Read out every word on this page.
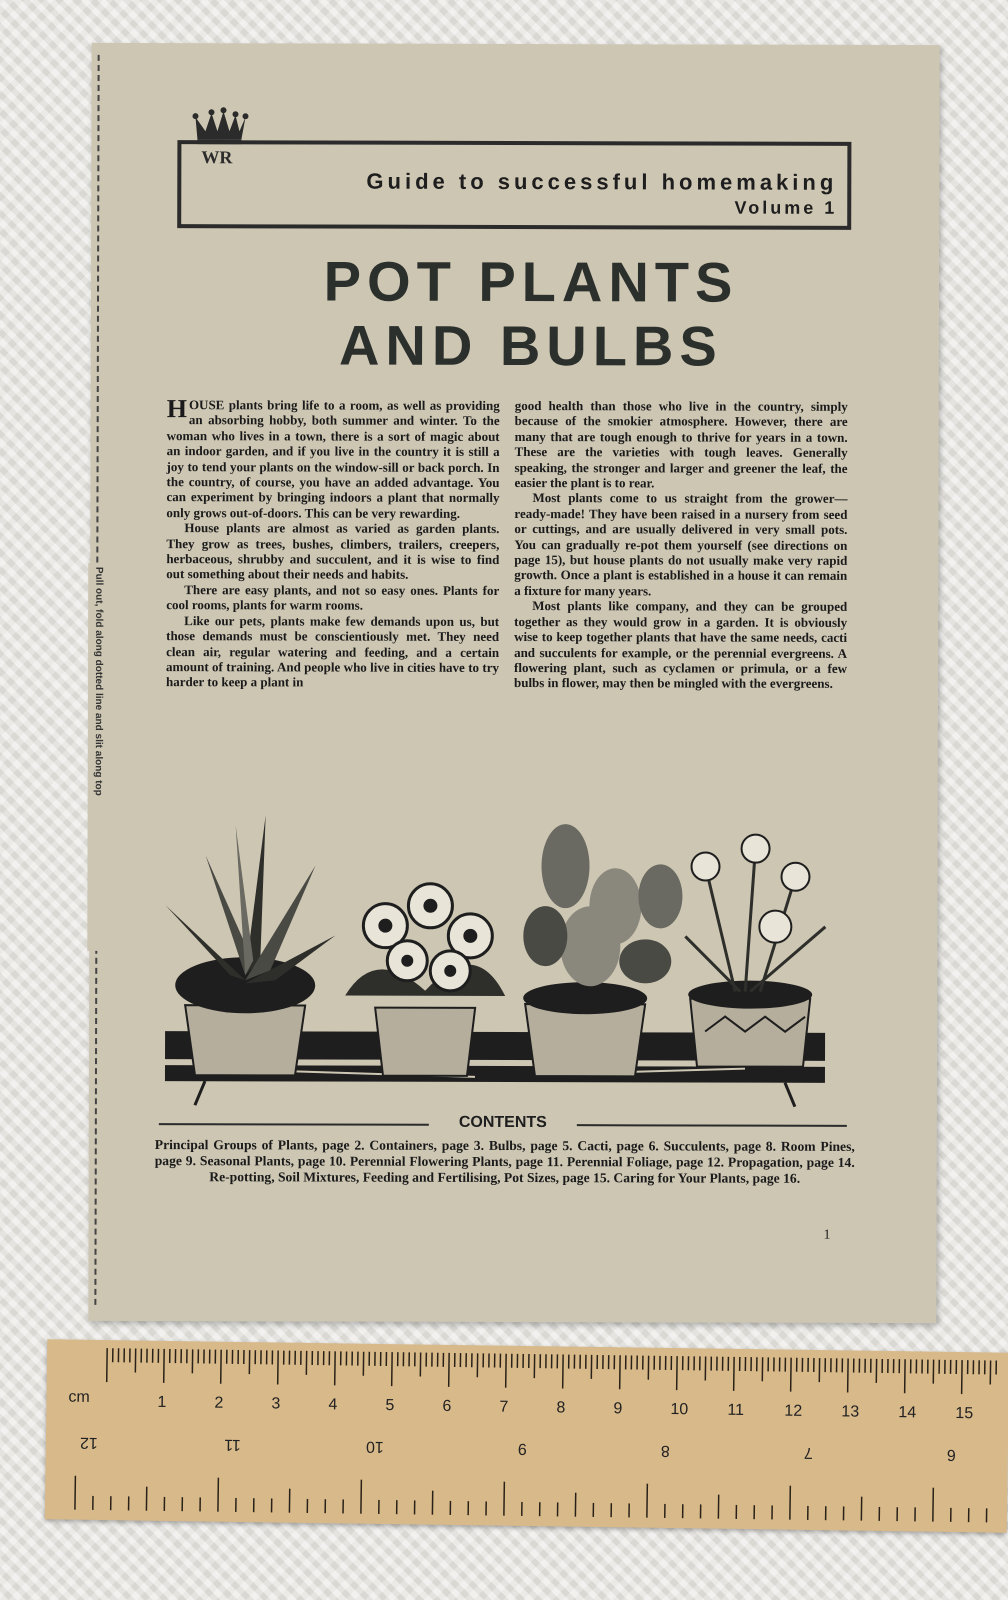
Pull out, fold along dotted line and slit along top
WR
Guide to successful homemaking
Volume 1
POT PLANTS
AND BULBS

HOUSE plants bring life to a room, as well as providing an absorbing hobby, both summer and winter. To the woman who lives in a town, there is a sort of magic about an indoor garden, and if you live in the country it is still a joy to tend your plants on the window-sill or back porch. In the country, of course, you have an added advantage. You can experiment by bringing indoors a plant that normally only grows out-of-doors. This can be very rewarding.

House plants are almost as varied as garden plants. They grow as trees, bushes, climbers, trailers, creepers, herbaceous, shrubby and succulent, and it is wise to find out something about their needs and habits.

There are easy plants, and not so easy ones. Plants for cool rooms, plants for warm rooms.

Like our pets, plants make few demands upon us, but those demands must be conscientiously met. They need clean air, regular watering and feeding, and a certain amount of training. And people who live in cities have to try harder to keep a plant in

good health than those who live in the country, simply because of the smokier atmosphere. However, there are many that are tough enough to thrive for years in a town. These are the varieties with tough leaves. Generally speaking, the stronger and larger and greener the leaf, the easier the plant is to rear.

Most plants come to us straight from the grower—ready-made! They have been raised in a nursery from seed or cuttings, and are usually delivered in very small pots. You can gradually re-pot them yourself (see directions on page 15), but house plants do not usually make very rapid growth. Once a plant is established in a house it can remain a fixture for many years.

Most plants like company, and they can be grouped together as they would grow in a garden. It is obviously wise to keep together plants that have the same needs, cacti and succulents for example, or the perennial evergreens. A flowering plant, such as cyclamen or primula, or a few bulbs in flower, may then be mingled with the evergreens.

CONTENTS
Principal Groups of Plants, page 2. Containers, page 3. Bulbs, page 5. Cacti, page 6. Succulents, page 8. Room Pines, page 9. Seasonal Plants, page 10. Perennial Flowering Plants, page 11. Perennial Foliage, page 12. Propagation, page 14. Re-potting, Soil Mixtures, Feeding and Fertilising, Pot Sizes, page 15. Caring for Your Plants, page 16.
1
1	2	3	4	5	6	7	8	9	10 11	12 13 14 15
12	11	10	9	8	7	6
cm
